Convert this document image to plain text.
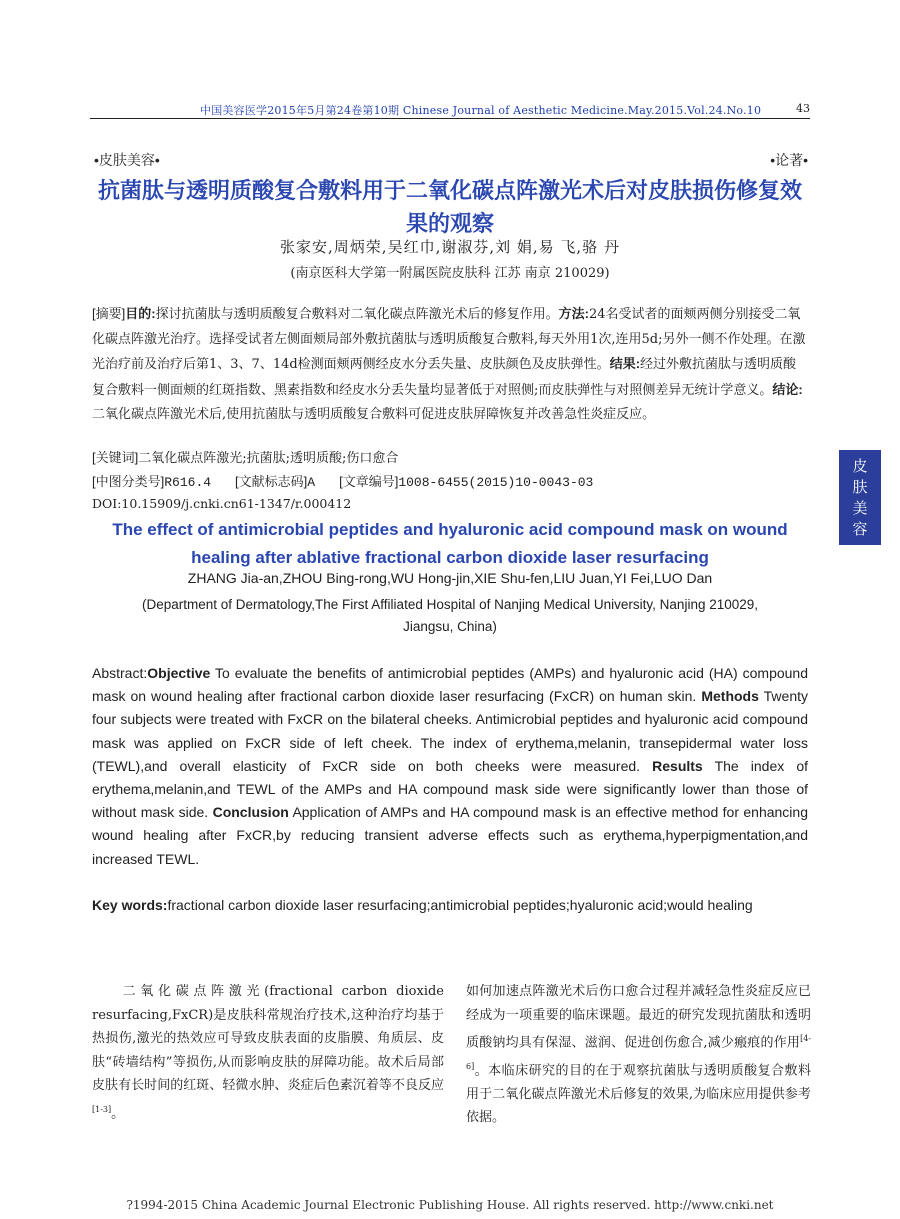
中国美容医学2015年5月第24卷第10期 Chinese Journal of Aesthetic Medicine.May.2015.Vol.24.No.10	43
•皮肤美容•	•论著•
抗菌肽与透明质酸复合敷料用于二氧化碳点阵激光术后对皮肤损伤修复效果的观察
张家安,周炳荣,吴红巾,谢淑芬,刘 娟,易 飞,骆 丹
(南京医科大学第一附属医院皮肤科 江苏 南京 210029)
[摘要]目的:探讨抗菌肽与透明质酸复合敷料对二氧化碳点阵激光术后的修复作用。方法:24名受试者的面颊两侧分别接受二氧化碳点阵激光治疗。选择受试者左侧面颊局部外敷抗菌肽与透明质酸复合敷料,每天外用1次,连用5d;另外一侧不作处理。在激光治疗前及治疗后第1、3、7、14d检测面颊两侧经皮水分丢失量、皮肤颜色及皮肤弹性。结果:经过外敷抗菌肽与透明质酸复合敷料一侧面颊的红斑指数、黑素指数和经皮水分丢失量均显著低于对照侧;而皮肤弹性与对照侧差异无统计学意义。结论:二氧化碳点阵激光术后,使用抗菌肽与透明质酸复合敷料可促进皮肤屏障恢复并改善急性炎症反应。
[关键词]二氧化碳点阵激光;抗菌肽;透明质酸;伤口愈合
[中图分类号]R616.4 [文献标志码]A [文章编号]1008-6455(2015)10-0043-03
DOI:10.15909/j.cnki.cn61-1347/r.000412
The effect of antimicrobial peptides and hyaluronic acid compound mask on wound healing after ablative fractional carbon dioxide laser resurfacing
ZHANG Jia-an,ZHOU Bing-rong,WU Hong-jin,XIE Shu-fen,LIU Juan,YI Fei,LUO Dan
(Department of Dermatology,The First Affiliated Hospital of Nanjing Medical University, Nanjing 210029, Jiangsu, China)
Abstract:Objective To evaluate the benefits of antimicrobial peptides (AMPs) and hyaluronic acid (HA) compound mask on wound healing after fractional carbon dioxide laser resurfacing (FxCR) on human skin. Methods Twenty four subjects were treated with FxCR on the bilateral cheeks. Antimicrobial peptides and hyaluronic acid compound mask was applied on FxCR side of left cheek. The index of erythema,melanin, transepidermal water loss (TEWL),and overall elasticity of FxCR side on both cheeks were measured. Results The index of erythema,melanin,and TEWL of the AMPs and HA compound mask side were significantly lower than those of without mask side. Conclusion Application of AMPs and HA compound mask is an effective method for enhancing wound healing after FxCR,by reducing transient adverse effects such as erythema,hyperpigmentation,and increased TEWL.
Key words:fractional carbon dioxide laser resurfacing;antimicrobial peptides;hyaluronic acid;would healing
二氧化碳点阵激光(fractional carbon dioxide resurfacing,FxCR)是皮肤科常规治疗技术,这种治疗均基于热损伤,激光的热效应可导致皮肤表面的皮脂膜、角质层、皮肤“砖墙结构”等损伤,从而影响皮肤的屏障功能。故术后局部皮肤有长时间的红斑、轻微水肿、炎症后色素沉着等不良反应[1-3]。
如何加速点阵激光术后伤口愈合过程并减轻急性炎症反应已经成为一项重要的临床课题。最近的研究发现抗菌肽和透明质酸钠均具有保湿、滋润、促进创伤愈合,减少瘢痕的作用[4-6]。本临床研究的目的在于观察抗菌肽与透明质酸复合敷料用于二氧化碳点阵激光术后修复的效果,为临床应用提供参考依据。
皮
肤
美
容
?1994-2015 China Academic Journal Electronic Publishing House. All rights reserved. http://www.cnki.net
